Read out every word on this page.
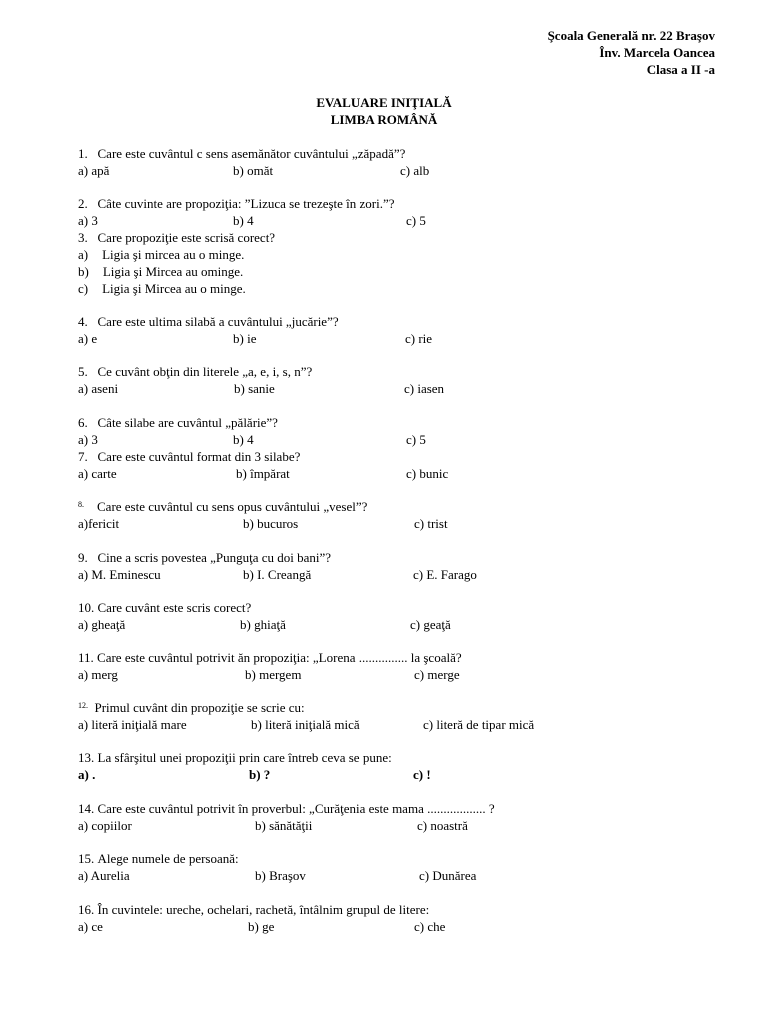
Şcoala Generală nr. 22 Braşov
Înv. Marcela Oancea
Clasa a II -a
EVALUARE INIŢIALĂ
LIMBA ROMÂNĂ
1. Care este cuvântul c sens asemănător cuvântului „zăpadă”?
a) apă	b) omăt	c) alb
2. Câte cuvinte are propoziţia: ”Lizuca se trezeşte în zori.”?
a) 3	b) 4	c) 5
3. Care propoziţie este scrisă corect?
a) Ligia şi mircea au o minge.
b) Ligia şi Mircea au ominge.
c) Ligia şi Mircea au o minge.
4. Care este ultima silabă a cuvântului „jucărie”?
a) e	b) ie	c) rie
5. Ce cuvânt obţin din literele „a, e, i, s, n”?
a) aseni	b) sanie	c) iasen
6. Câte silabe are cuvântul „pălărie”?
a) 3	b) 4	c) 5
7. Care este cuvântul format din 3 silabe?
a) carte	b) împărat	c) bunic
$^{8.}$ Care este cuvântul cu sens opus cuvântului „vesel”?
a)fericit	b) bucuros	c) trist
9. Cine a scris povestea „Punguţa cu doi bani”?
a) M. Eminescu	b) I. Creangă	c) E. Farago
10. Care cuvânt este scris corect?
a) gheaţă	b) ghiaţă	c) geaţă
11. Care este cuvântul potrivit ăn propoziţia: „Lorena ............... la şcoală?
a) merg	b) mergem	c) merge
$^{12.}$ Primul cuvânt din propoziţie se scrie cu:
a) literă iniţială mare	b) literă iniţială mică	c) literă de tipar mică
13. La sfârşitul unei propoziţii prin care întreb ceva se pune:
a) .	b) ?	c) !
14. Care este cuvântul potrivit în proverbul: „Curăţenia este mama .................. ?
a) copiilor	b) sănătăţii	c) noastră
15. Alege numele de persoană:
a) Aurelia	b) Braşov	c) Dunărea
16. În cuvintele: ureche, ochelari, rachetă, întâlnim grupul de litere:
a) ce	b) ge	c) che
